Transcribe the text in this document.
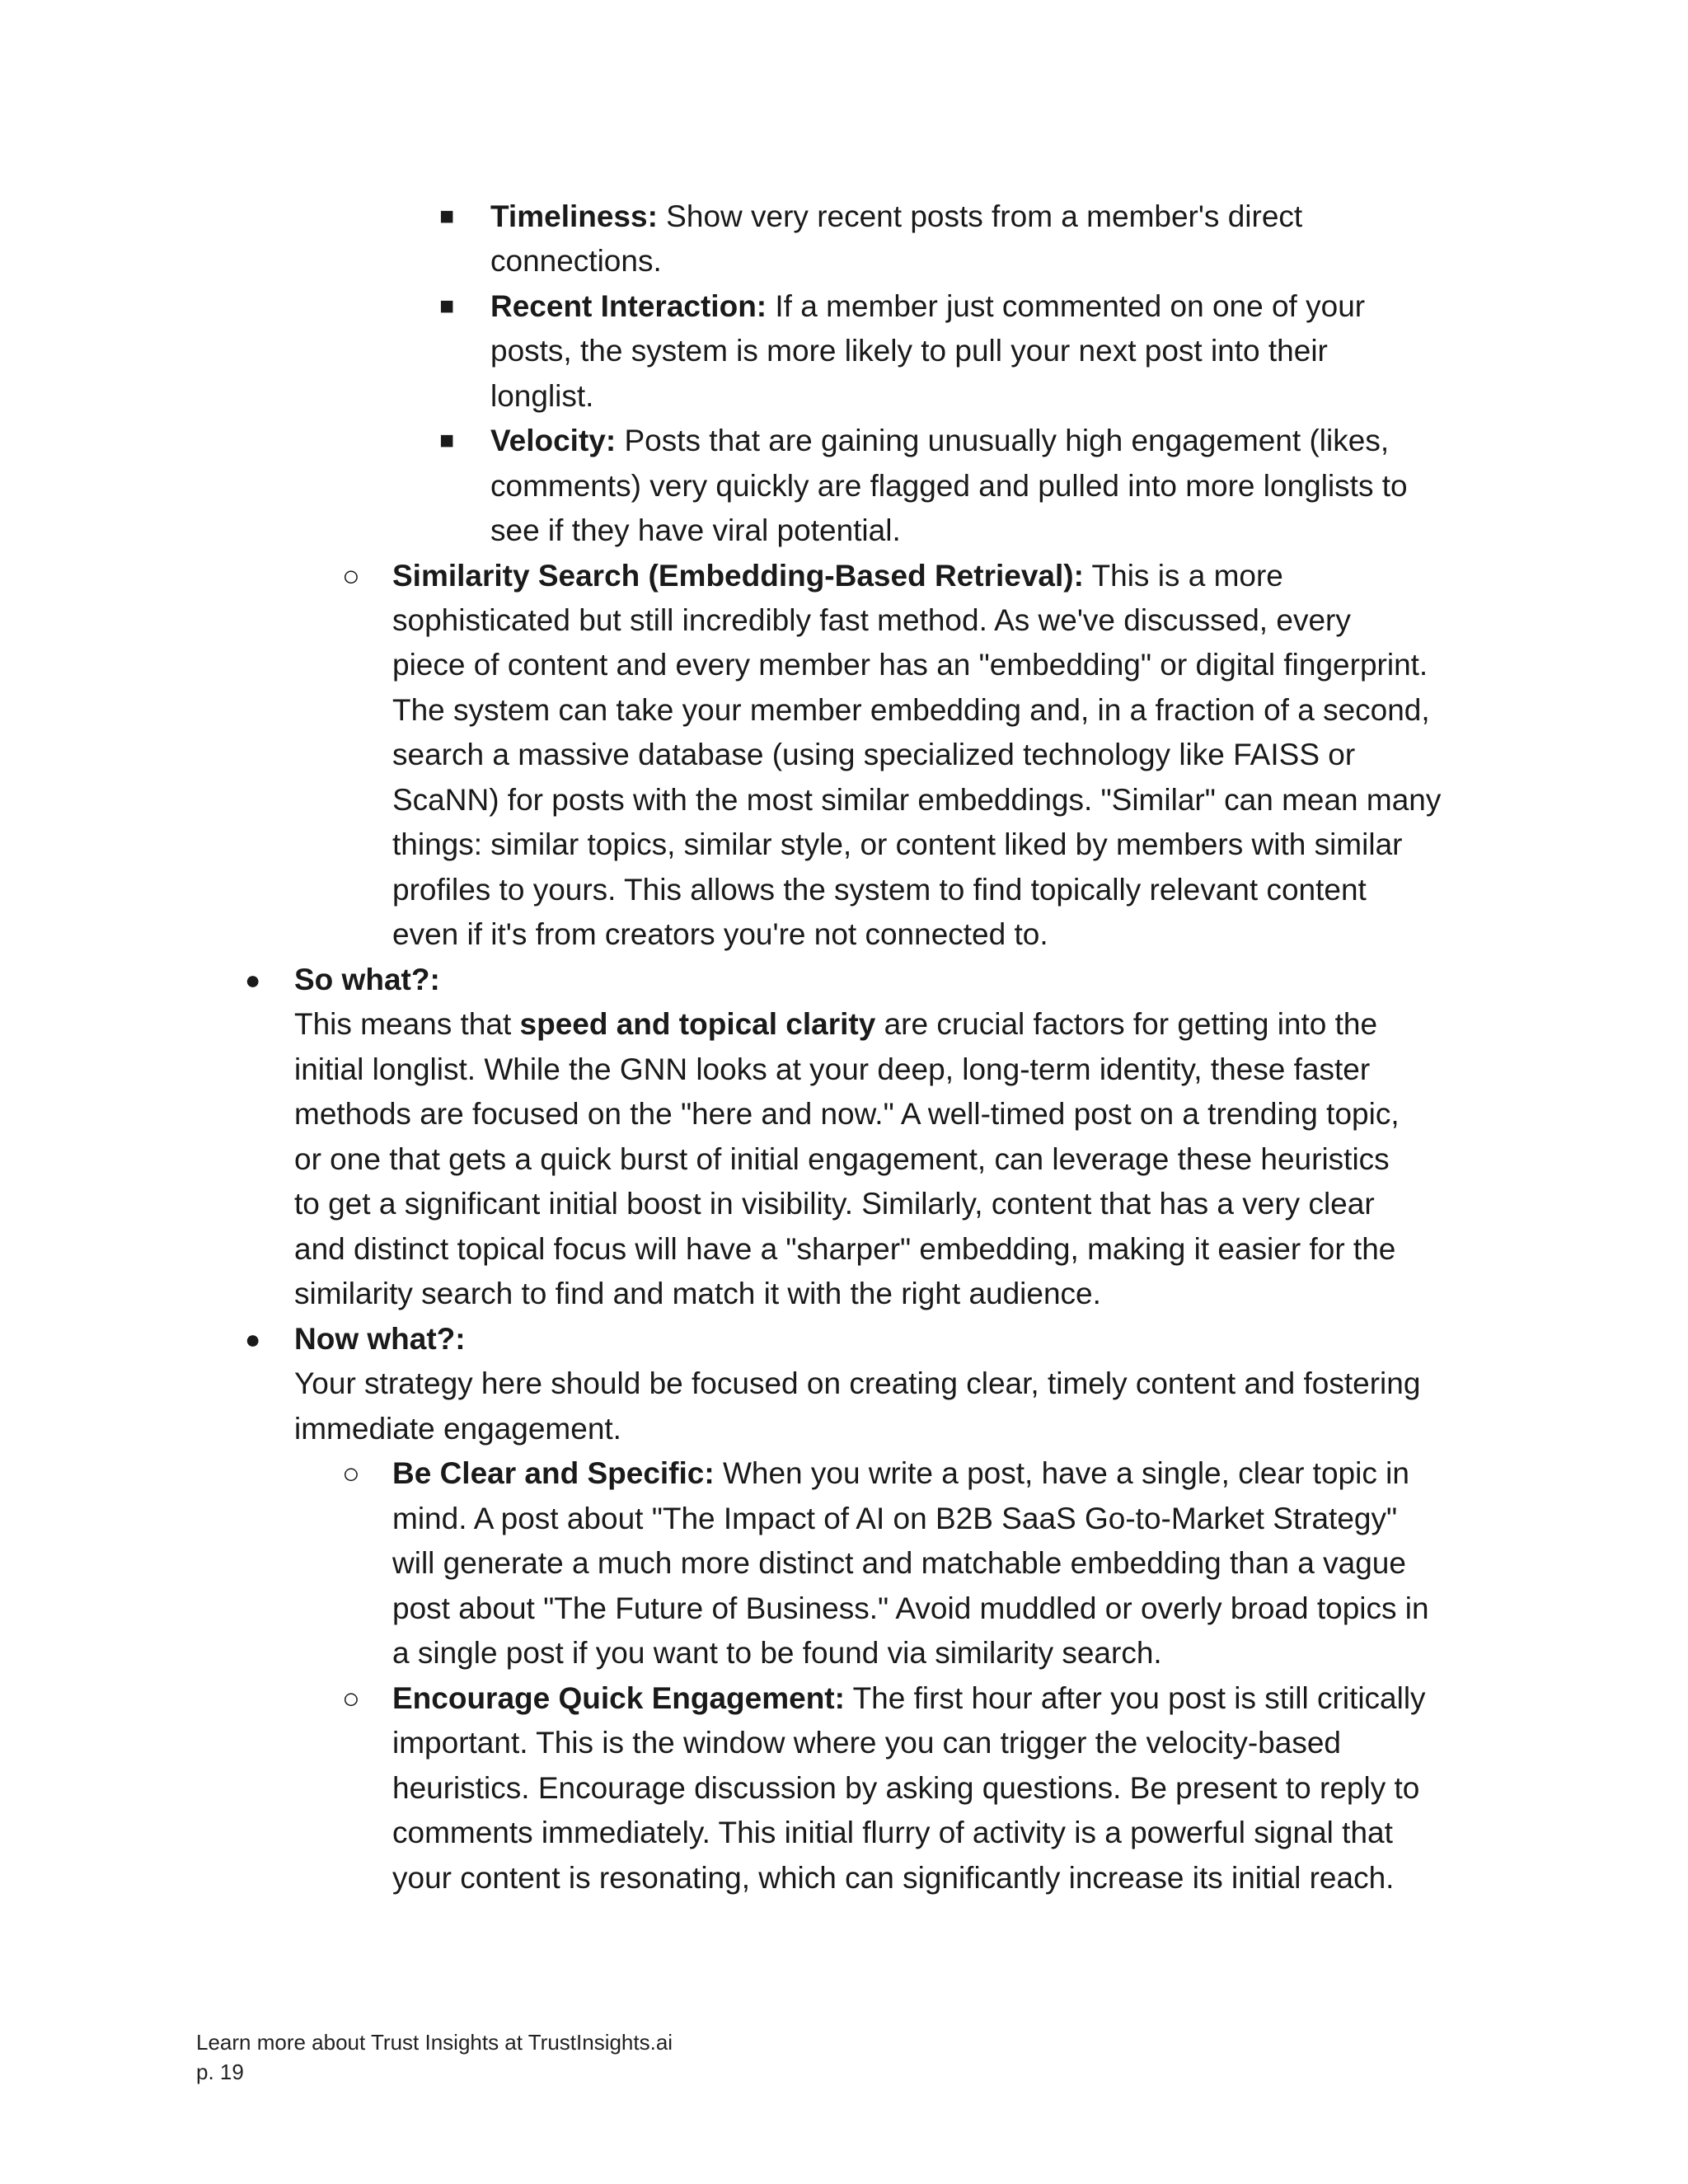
■ Timeliness: Show very recent posts from a member's direct
connections.
■ Recent Interaction: If a member just commented on one of your
posts, the system is more likely to pull your next post into their
longlist.
■ Velocity: Posts that are gaining unusually high engagement (likes,
comments) very quickly are flagged and pulled into more longlists to
see if they have viral potential.
○ Similarity Search (Embedding-Based Retrieval): This is a more
sophisticated but still incredibly fast method. As we've discussed, every
piece of content and every member has an "embedding" or digital fingerprint.
The system can take your member embedding and, in a fraction of a second,
search a massive database (using specialized technology like FAISS or
ScaNN) for posts with the most similar embeddings. "Similar" can mean many
things: similar topics, similar style, or content liked by members with similar
profiles to yours. This allows the system to find topically relevant content
even if it's from creators you're not connected to.
● So what?:
This means that speed and topical clarity are crucial factors for getting into the
initial longlist. While the GNN looks at your deep, long-term identity, these faster
methods are focused on the "here and now." A well-timed post on a trending topic,
or one that gets a quick burst of initial engagement, can leverage these heuristics
to get a significant initial boost in visibility. Similarly, content that has a very clear
and distinct topical focus will have a "sharper" embedding, making it easier for the
similarity search to find and match it with the right audience.
● Now what?:
Your strategy here should be focused on creating clear, timely content and fostering
immediate engagement.
○ Be Clear and Specific: When you write a post, have a single, clear topic in
mind. A post about "The Impact of AI on B2B SaaS Go-to-Market Strategy"
will generate a much more distinct and matchable embedding than a vague
post about "The Future of Business." Avoid muddled or overly broad topics in
a single post if you want to be found via similarity search.
○ Encourage Quick Engagement: The first hour after you post is still critically
important. This is the window where you can trigger the velocity-based
heuristics. Encourage discussion by asking questions. Be present to reply to
comments immediately. This initial flurry of activity is a powerful signal that
your content is resonating, which can significantly increase its initial reach.
Learn more about Trust Insights at TrustInsights.ai
p. 19
